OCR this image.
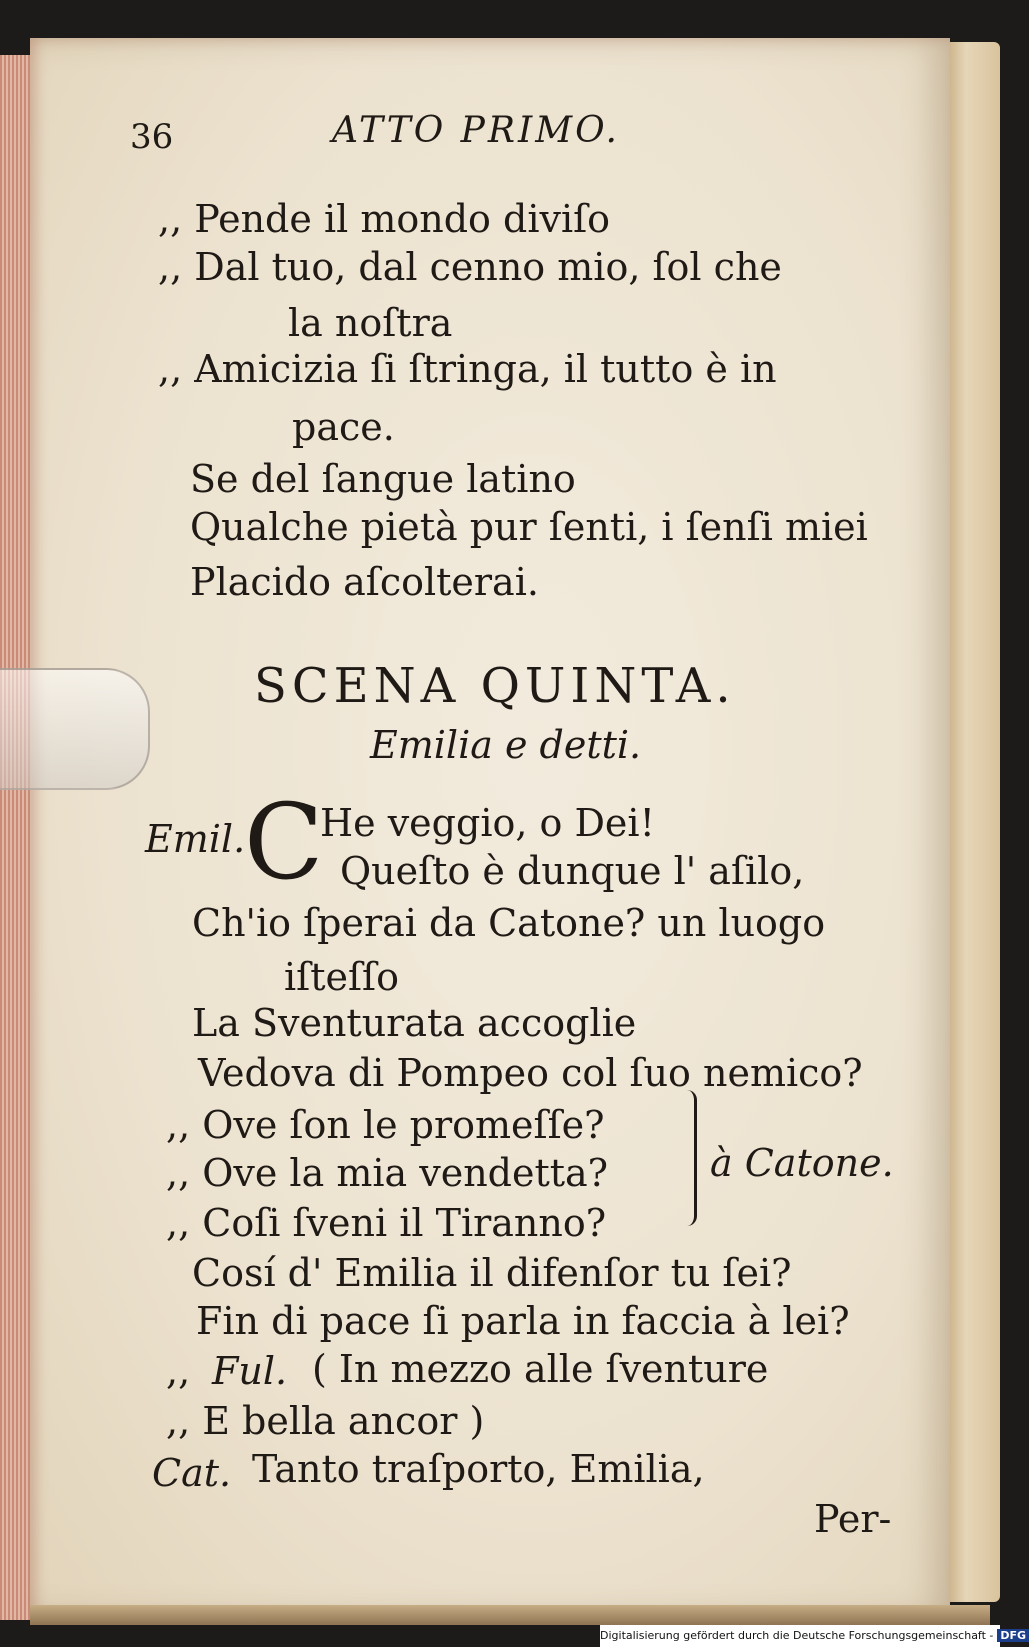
36	ATTO PRIMO.
,, Pende il mondo diviſo
,, Dal tuo, dal cenno mio, ſol che
la noſtra
,, Amicizia ſi ſtringa, il tutto è in
pace.
Se del ſangue latino
Qualche pietà pur ſenti, i ſenſi miei
Placido aſcolterai.
SCENA QUINTA.
Emilia e detti.
Emil.
C
He veggio, o Dei!
Queſto è dunque l' aſilo,
Ch'io ſperai da Catone? un luogo
iſteſſo
La Sventurata accoglie
Vedova di Pompeo col ſuo nemico?
,, Ove ſon le promeſſe?
,, Ove la mia vendetta?
,, Coſi ſveni il Tiranno?
à Catone.
Cosí d' Emilia il difenſor tu ſei?
Fin di pace ſi parla in faccia à lei?
,, Ful. ( In mezzo alle ſventure
,, E bella ancor )
Cat. Tanto traſporto, Emilia,
Per-
Digitalisierung gefördert durch die Deutsche Forschungsgemeinschaft - DFG
